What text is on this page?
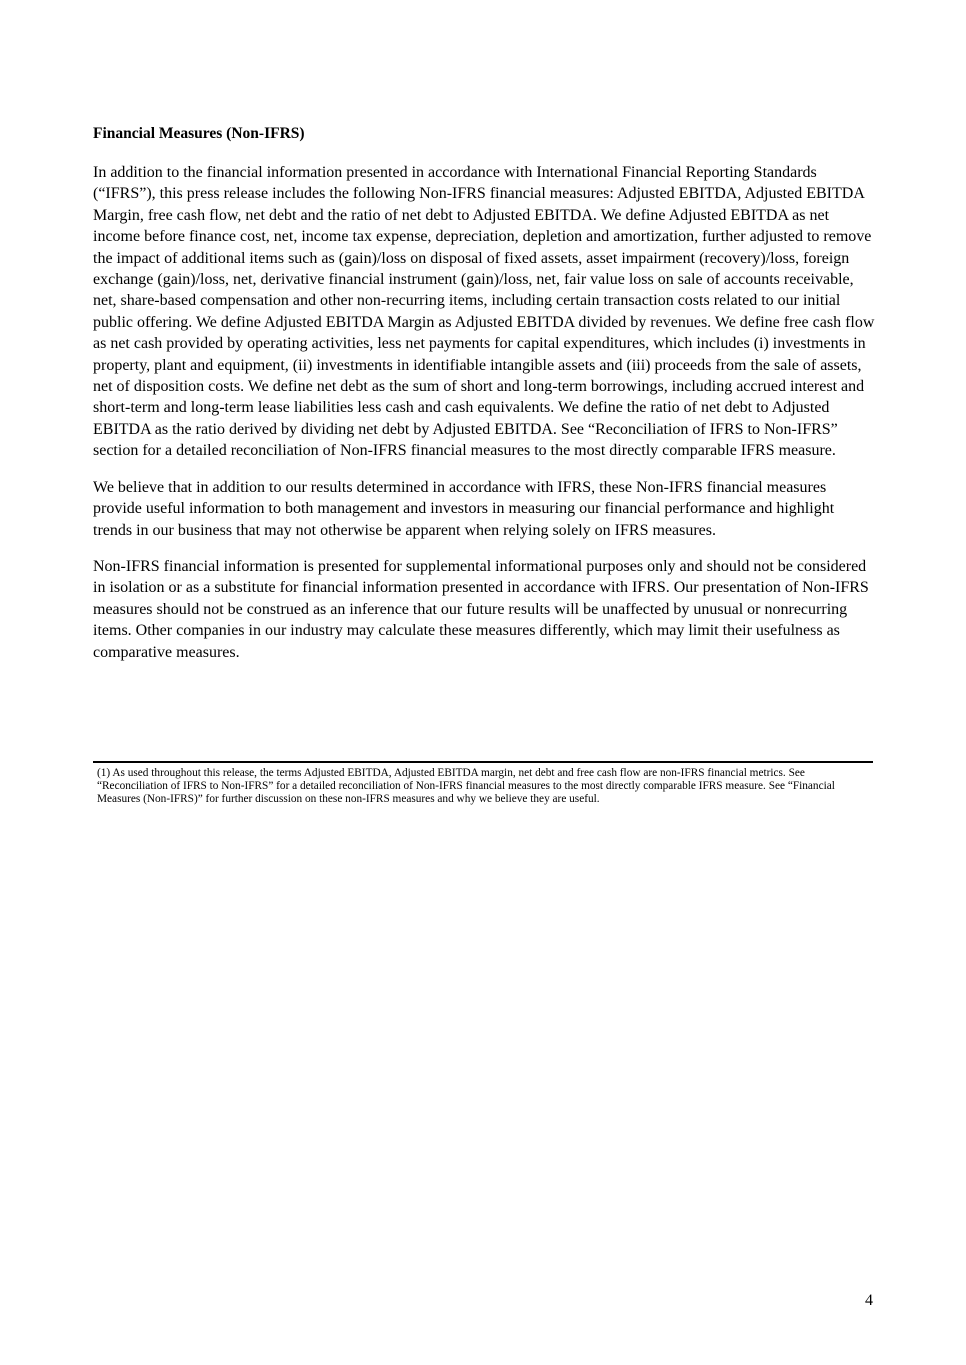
Financial Measures (Non-IFRS)

In addition to the financial information presented in accordance with International Financial Reporting Standards (“IFRS”), this press release includes the following Non-IFRS financial measures: Adjusted EBITDA, Adjusted EBITDA Margin, free cash flow, net debt and the ratio of net debt to Adjusted EBITDA. We define Adjusted EBITDA as net income before finance cost, net, income tax expense, depreciation, depletion and amortization, further adjusted to remove the impact of additional items such as (gain)/loss on disposal of fixed assets, asset impairment (recovery)/loss, foreign exchange (gain)/loss, net, derivative financial instrument (gain)/loss, net, fair value loss on sale of accounts receivable, net, share-based compensation and other non-recurring items, including certain transaction costs related to our initial public offering. We define Adjusted EBITDA Margin as Adjusted EBITDA divided by revenues. We define free cash flow as net cash provided by operating activities, less net payments for capital expenditures, which includes (i) investments in property, plant and equipment, (ii) investments in identifiable intangible assets and (iii) proceeds from the sale of assets, net of disposition costs. We define net debt as the sum of short and long-term borrowings, including accrued interest and short-term and long-term lease liabilities less cash and cash equivalents. We define the ratio of net debt to Adjusted EBITDA as the ratio derived by dividing net debt by Adjusted EBITDA. See “Reconciliation of IFRS to Non-IFRS” section for a detailed reconciliation of Non-IFRS financial measures to the most directly comparable IFRS measure.

We believe that in addition to our results determined in accordance with IFRS, these Non-IFRS financial measures provide useful information to both management and investors in measuring our financial performance and highlight trends in our business that may not otherwise be apparent when relying solely on IFRS measures.

Non-IFRS financial information is presented for supplemental informational purposes only and should not be considered in isolation or as a substitute for financial information presented in accordance with IFRS. Our presentation of Non-IFRS measures should not be construed as an inference that our future results will be unaffected by unusual or nonrecurring items. Other companies in our industry may calculate these measures differently, which may limit their usefulness as comparative measures.

(1) As used throughout this release, the terms Adjusted EBITDA, Adjusted EBITDA margin, net debt and free cash flow are non-IFRS financial metrics. See “Reconciliation of IFRS to Non-IFRS” for a detailed reconciliation of Non-IFRS financial measures to the most directly comparable IFRS measure. See “Financial Measures (Non-IFRS)” for further discussion on these non-IFRS measures and why we believe they are useful.

4
